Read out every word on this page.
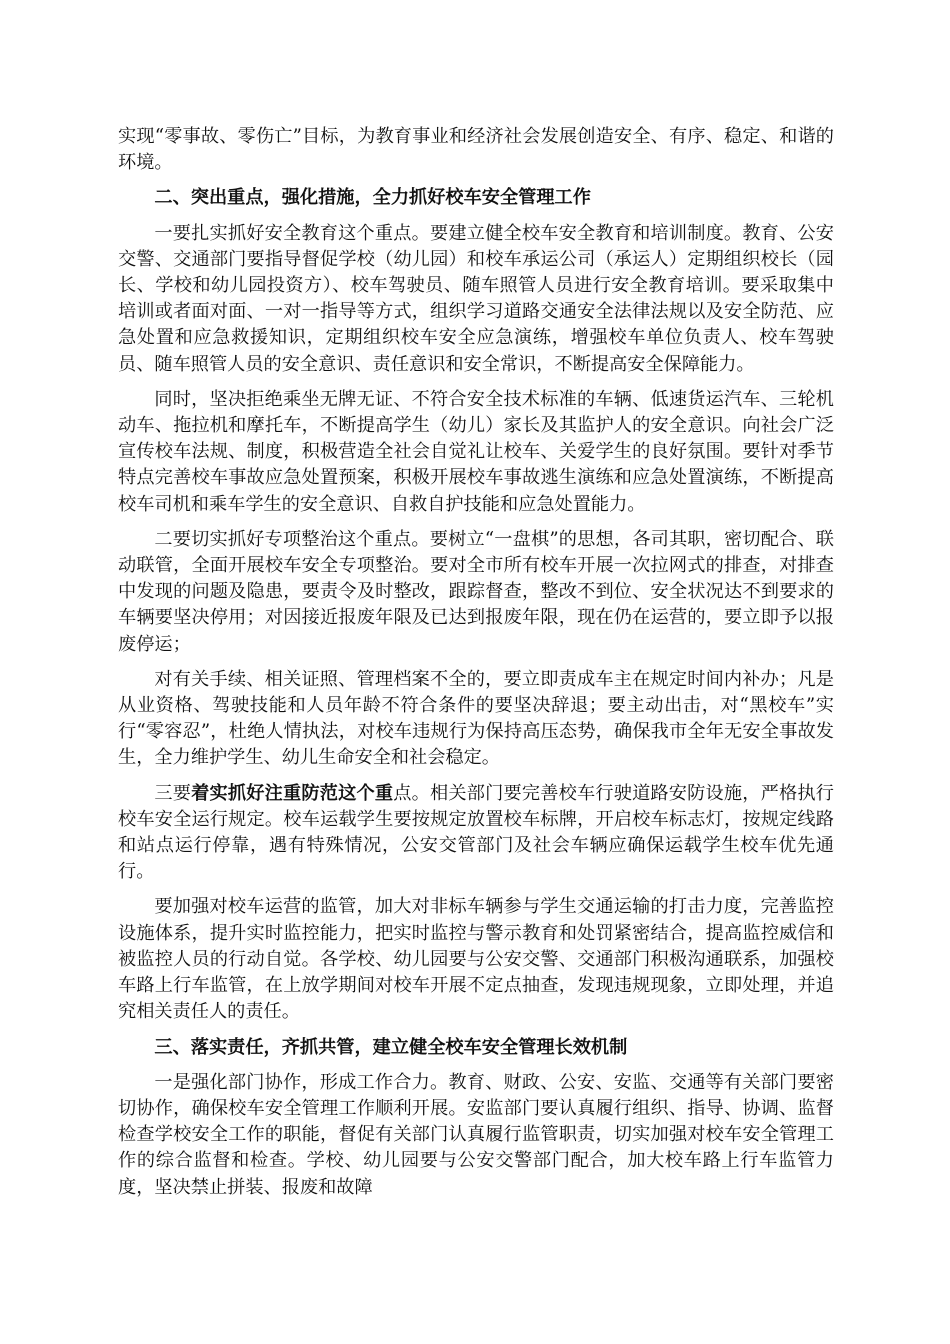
实现“零事故、零伤亡”目标，为教育事业和经济社会发展创造安全、有序、稳定、和谐的环境。

二、突出重点，强化措施，全力抓好校车安全管理工作

一要扎实抓好安全教育这个重点。要建立健全校车安全教育和培训制度。教育、公安交警、交通部门要指导督促学校（幼儿园）和校车承运公司（承运人）定期组织校长（园长、学校和幼儿园投资方）、校车驾驶员、随车照管人员进行安全教育培训。要采取集中培训或者面对面、一对一指导等方式，组织学习道路交通安全法律法规以及安全防范、应急处置和应急救援知识，定期组织校车安全应急演练，增强校车单位负责人、校车驾驶员、随车照管人员的安全意识、责任意识和安全常识，不断提高安全保障能力。

同时，坚决拒绝乘坐无牌无证、不符合安全技术标准的车辆、低速货运汽车、三轮机动车、拖拉机和摩托车，不断提高学生（幼儿）家长及其监护人的安全意识。向社会广泛宣传校车法规、制度，积极营造全社会自觉礼让校车、关爱学生的良好氛围。要针对季节特点完善校车事故应急处置预案，积极开展校车事故逃生演练和应急处置演练，不断提高校车司机和乘车学生的安全意识、自救自护技能和应急处置能力。

二要切实抓好专项整治这个重点。要树立“一盘棋”的思想，各司其职，密切配合、联动联管，全面开展校车安全专项整治。要对全市所有校车开展一次拉网式的排查，对排查中发现的问题及隐患，要责令及时整改，跟踪督查，整改不到位、安全状况达不到要求的车辆要坚决停用；对因接近报废年限及已达到报废年限，现在仍在运营的，要立即予以报废停运；

对有关手续、相关证照、管理档案不全的，要立即责成车主在规定时间内补办；凡是从业资格、驾驶技能和人员年龄不符合条件的要坚决辞退；要主动出击，对“黑校车”实行“零容忍”，杜绝人情执法，对校车违规行为保持高压态势，确保我市全年无安全事故发生，全力维护学生、幼儿生命安全和社会稳定。

三要着实抓好注重防范这个重点。相关部门要完善校车行驶道路安防设施，严格执行校车安全运行规定。校车运载学生要按规定放置校车标牌，开启校车标志灯，按规定线路和站点运行停靠，遇有特殊情况，公安交管部门及社会车辆应确保运载学生校车优先通行。

要加强对校车运营的监管，加大对非标车辆参与学生交通运输的打击力度，完善监控设施体系，提升实时监控能力，把实时监控与警示教育和处罚紧密结合，提高监控威信和被监控人员的行动自觉。各学校、幼儿园要与公安交警、交通部门积极沟通联系，加强校车路上行车监管，在上放学期间对校车开展不定点抽查，发现违规现象，立即处理，并追究相关责任人的责任。

三、落实责任，齐抓共管，建立健全校车安全管理长效机制

一是强化部门协作，形成工作合力。教育、财政、公安、安监、交通等有关部门要密切协作，确保校车安全管理工作顺利开展。安监部门要认真履行组织、指导、协调、监督检查学校安全工作的职能，督促有关部门认真履行监管职责，切实加强对校车安全管理工作的综合监督和检查。学校、幼儿园要与公安交警部门配合，加大校车路上行车监管力度，坚决禁止拼装、报废和故障
